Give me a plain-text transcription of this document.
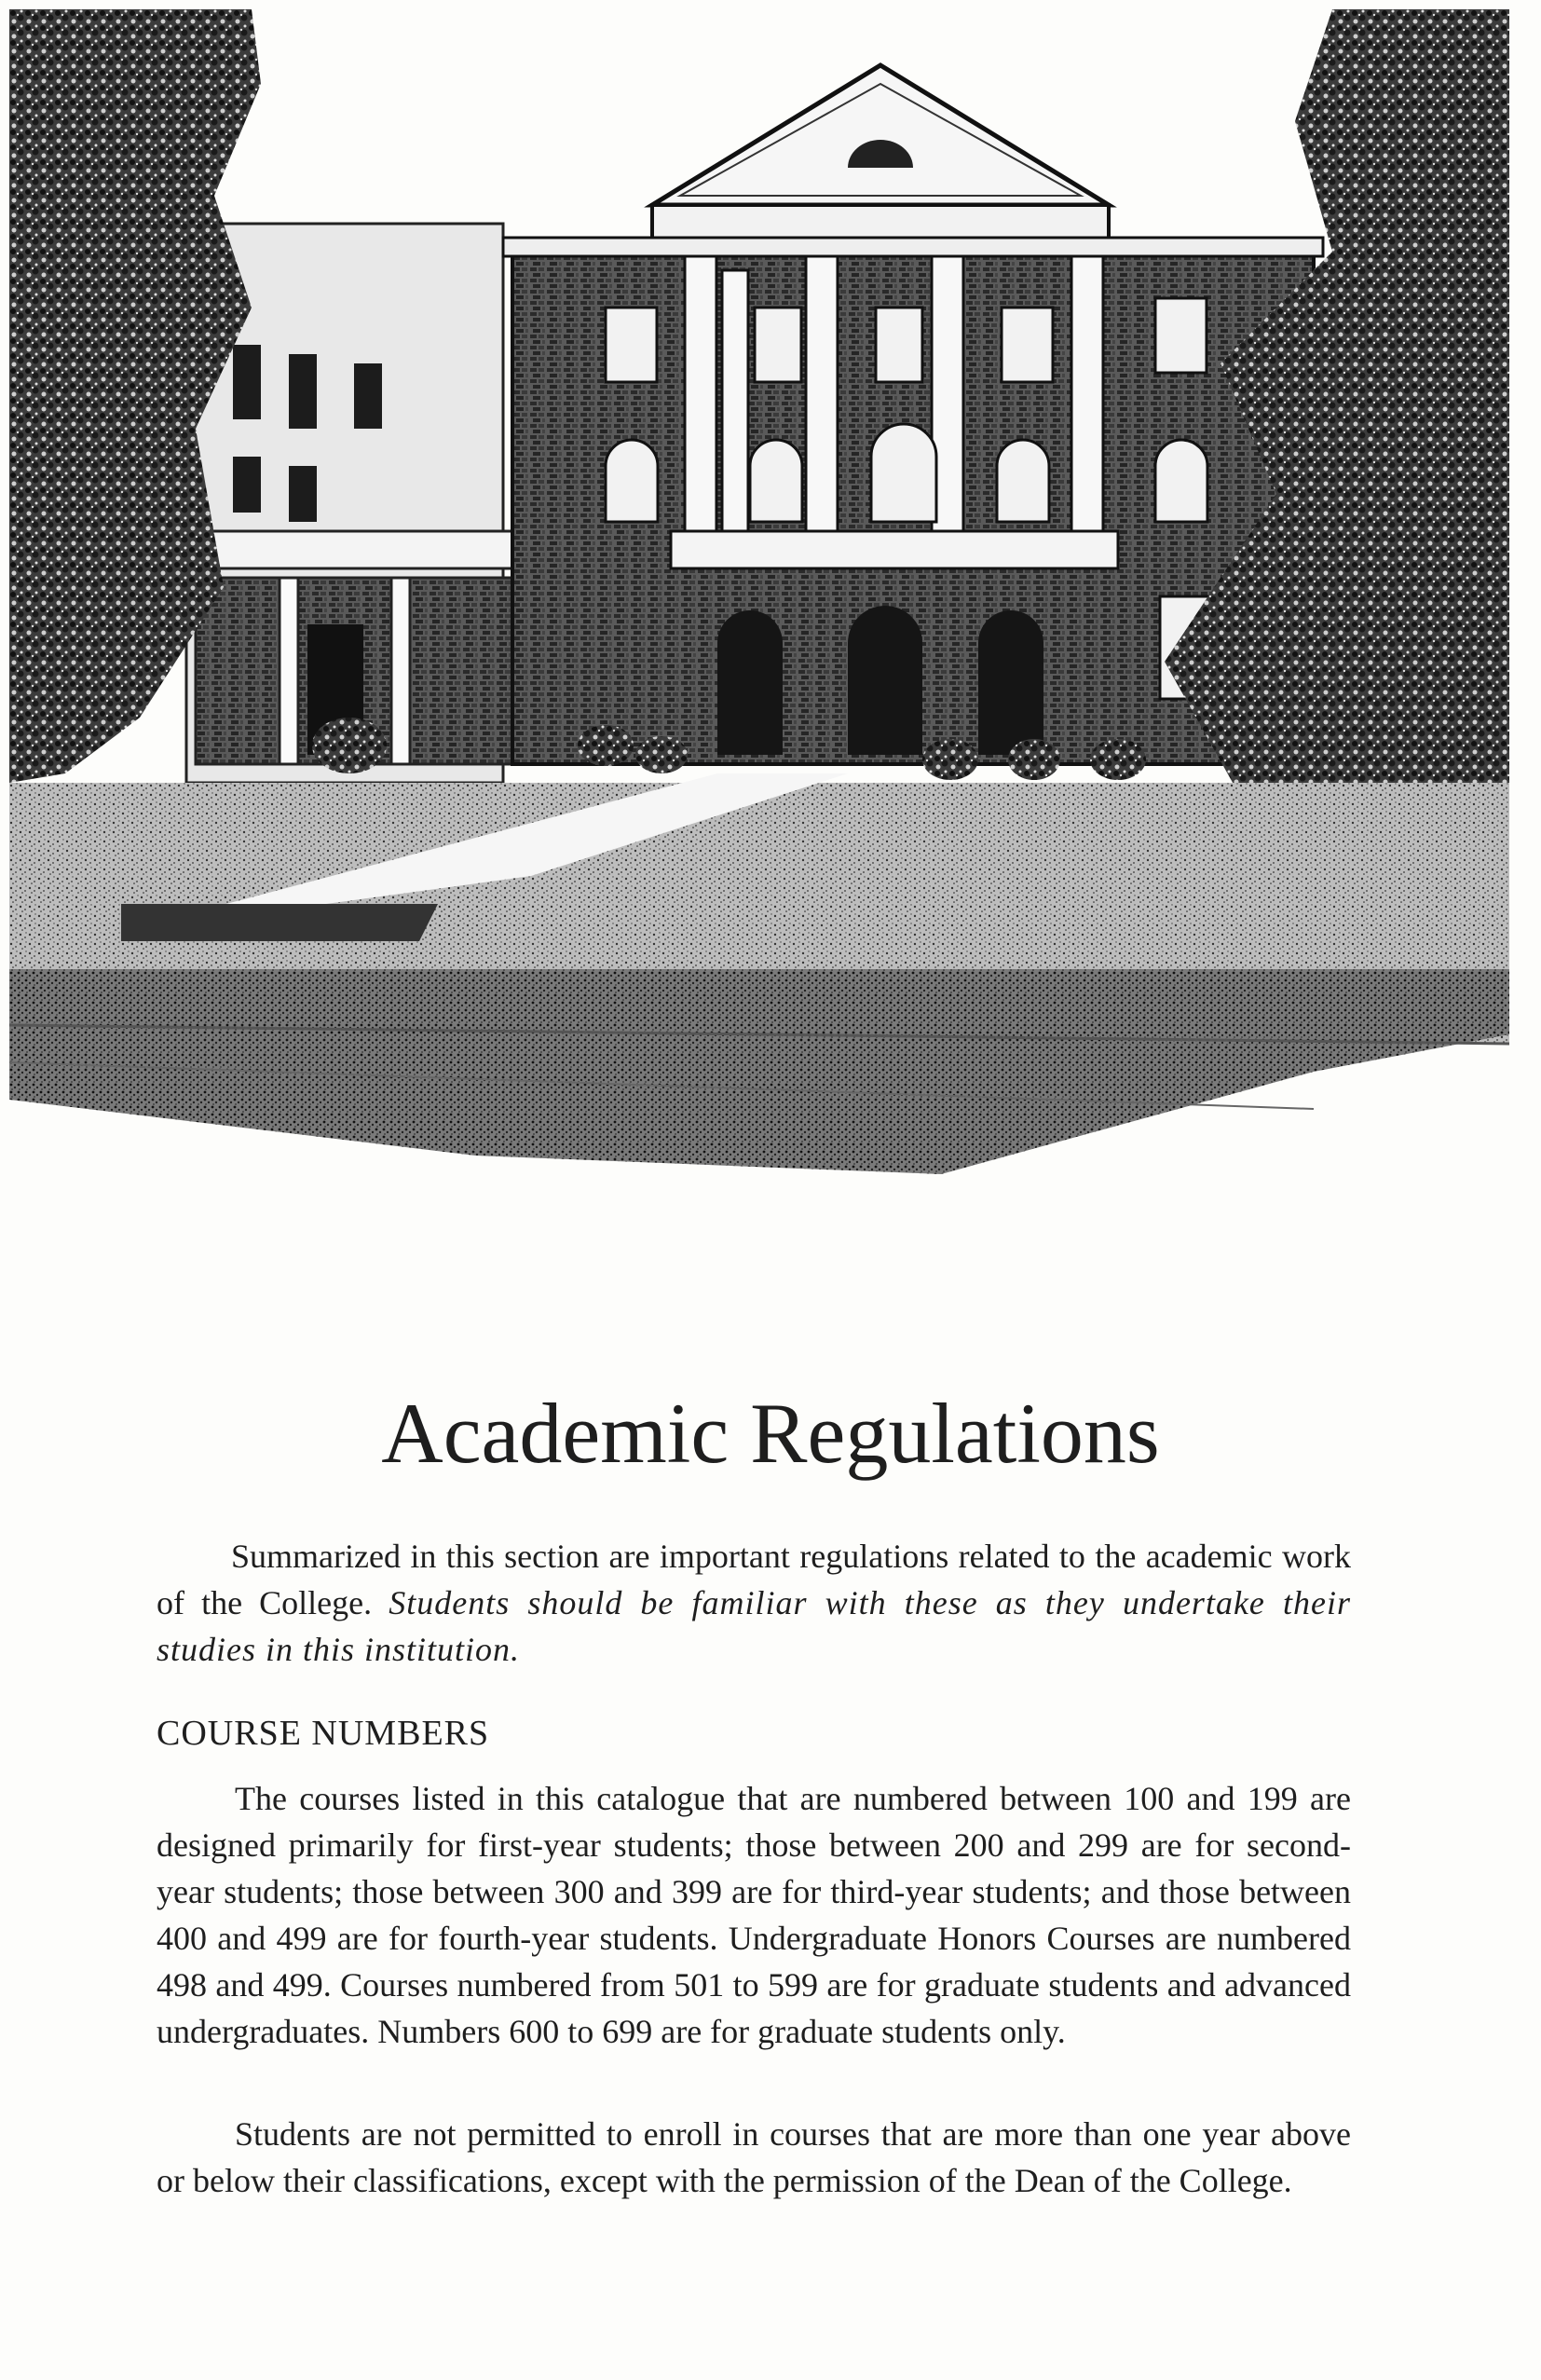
Academic Regulations

Summarized in this section are important regulations related to the academic work of the College. Students should be familiar with these as they undertake their studies in this institution.

COURSE NUMBERS

The courses listed in this catalogue that are numbered between 100 and 199 are designed primarily for first-year students; those between 200 and 299 are for second-year students; those between 300 and 399 are for third-year students; and those between 400 and 499 are for fourth-year students. Undergraduate Honors Courses are numbered 498 and 499. Courses numbered from 501 to 599 are for graduate students and advanced undergraduates. Numbers 600 to 699 are for graduate students only.

Students are not permitted to enroll in courses that are more than one year above or below their classifications, except with the permission of the Dean of the College.
